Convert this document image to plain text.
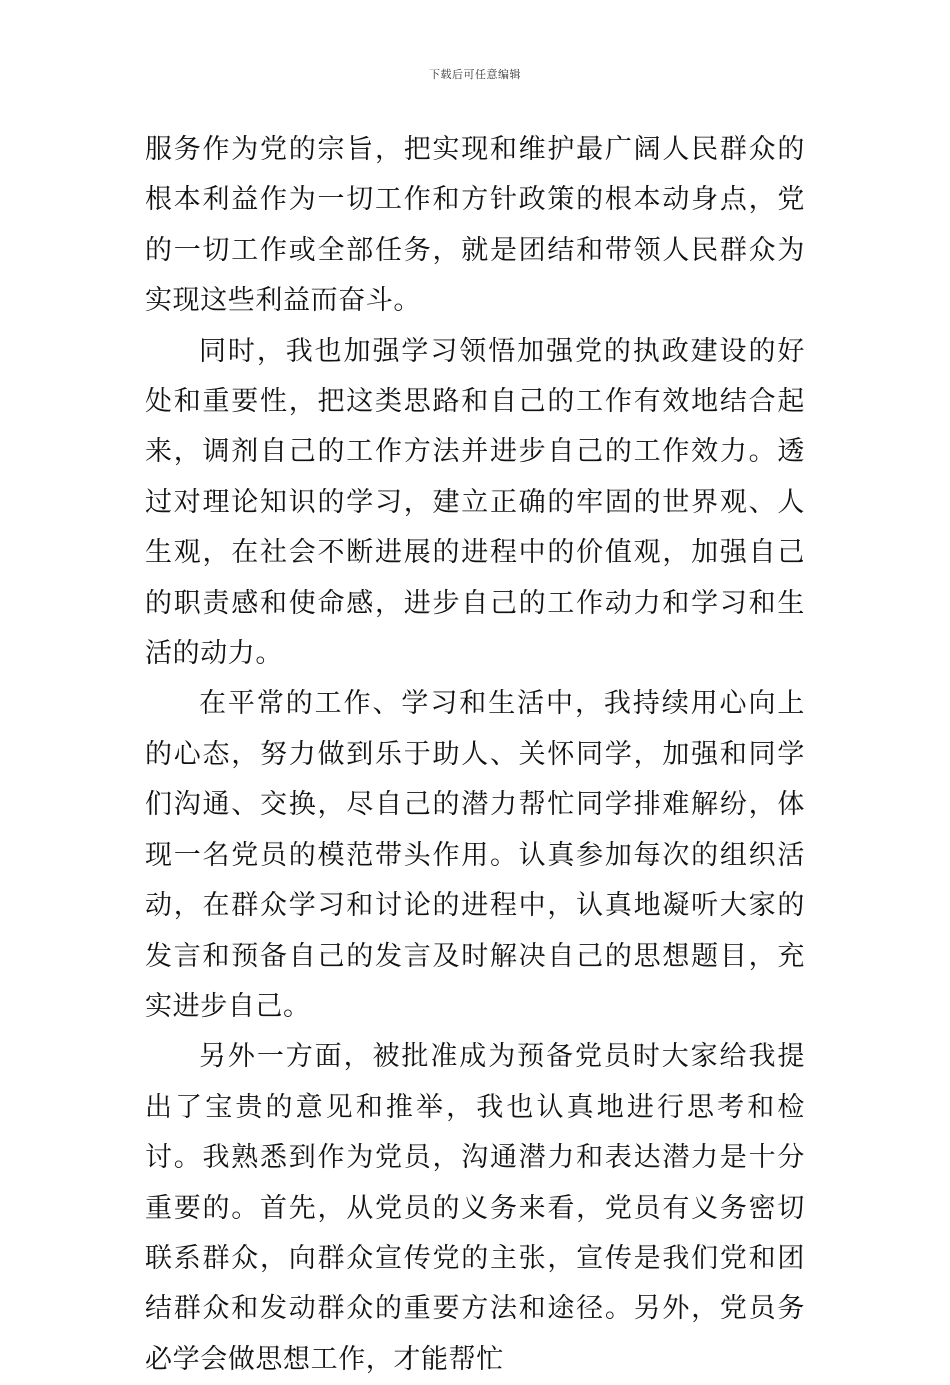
下载后可任意编辑

服务作为党的宗旨，把实现和维护最广阔人民群众的根本利益作为一切工作和方针政策的根本动身点，党的一切工作或全部任务，就是团结和带领人民群众为实现这些利益而奋斗。

同时，我也加强学习领悟加强党的执政建设的好处和重要性，把这类思路和自己的工作有效地结合起来，调剂自己的工作方法并进步自己的工作效力。透过对理论知识的学习，建立正确的牢固的世界观、人生观，在社会不断进展的进程中的价值观，加强自己的职责感和使命感，进步自己的工作动力和学习和生活的动力。

在平常的工作、学习和生活中，我持续用心向上的心态，努力做到乐于助人、关怀同学，加强和同学们沟通、交换，尽自己的潜力帮忙同学排难解纷，体现一名党员的模范带头作用。认真参加每次的组织活动，在群众学习和讨论的进程中，认真地凝听大家的发言和预备自己的发言及时解决自己的思想题目，充实进步自己。

另外一方面，被批准成为预备党员时大家给我提出了宝贵的意见和推举，我也认真地进行思考和检讨。我熟悉到作为党员，沟通潜力和表达潜力是十分重要的。首先，从党员的义务来看，党员有义务密切联系群众，向群众宣传党的主张，宣传是我们党和团结群众和发动群众的重要方法和途径。另外，党员务必学会做思想工作，才能帮忙
